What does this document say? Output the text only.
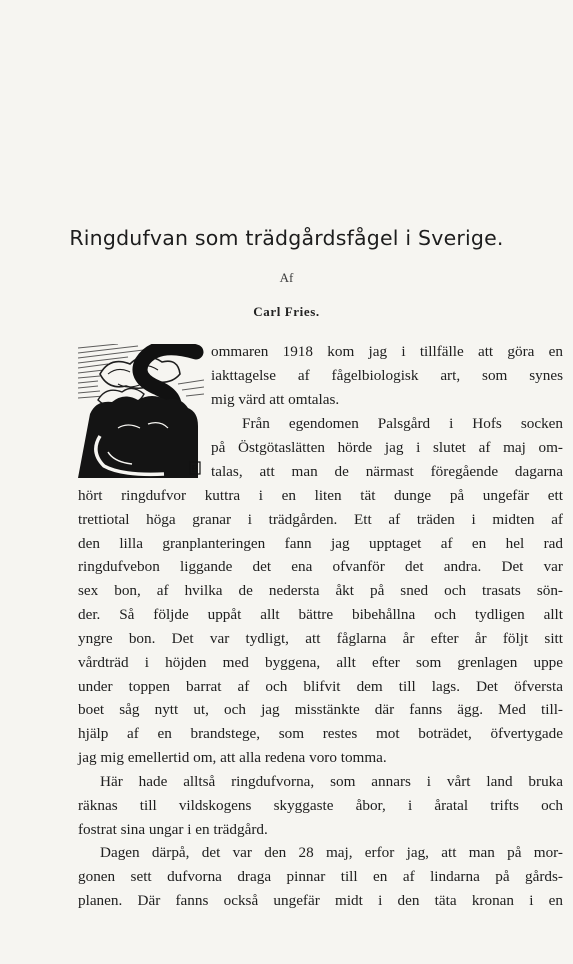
Ringdufvan som trädgårdsfågel i Sverige.
Af
Carl Fries.
B
ommaren 1918 kom jag i tillfälle att göra en
iakttagelse af fågelbiologisk art, som synes
mig värd att omtalas.
Från egendomen Palsgård i Hofs socken
på Östgötaslätten hörde jag i slutet af maj om-
talas, att man de närmast föregående dagarna
hört ringdufvor kuttra i en liten tät dunge på ungefär ett
trettiotal höga granar i trädgården. Ett af träden i midten af
den lilla granplanteringen fann jag upptaget af en hel rad
ringdufvebon liggande det ena ofvanför det andra. Det var
sex bon, af hvilka de nedersta åkt på sned och trasats sön-
der. Så följde uppåt allt bättre bibehållna och tydligen allt
yngre bon. Det var tydligt, att fåglarna år efter år följt sitt
vårdträd i höjden med byggena, allt efter som grenlagen uppe
under toppen barrat af och blifvit dem till lags. Det öfversta
boet såg nytt ut, och jag misstänkte där fanns ägg. Med till-
hjälp af en brandstege, som restes mot boträdet, öfvertygade
jag mig emellertid om, att alla redena voro tomma.
Här hade alltså ringdufvorna, som annars i vårt land bruka
räknas till vildskogens skyggaste åbor, i åratal trifts och
fostrat sina ungar i en trädgård.
Dagen därpå, det var den 28 maj, erfor jag, att man på mor-
gonen sett dufvorna draga pinnar till en af lindarna på gårds-
planen. Där fanns också ungefär midt i den täta kronan i en
